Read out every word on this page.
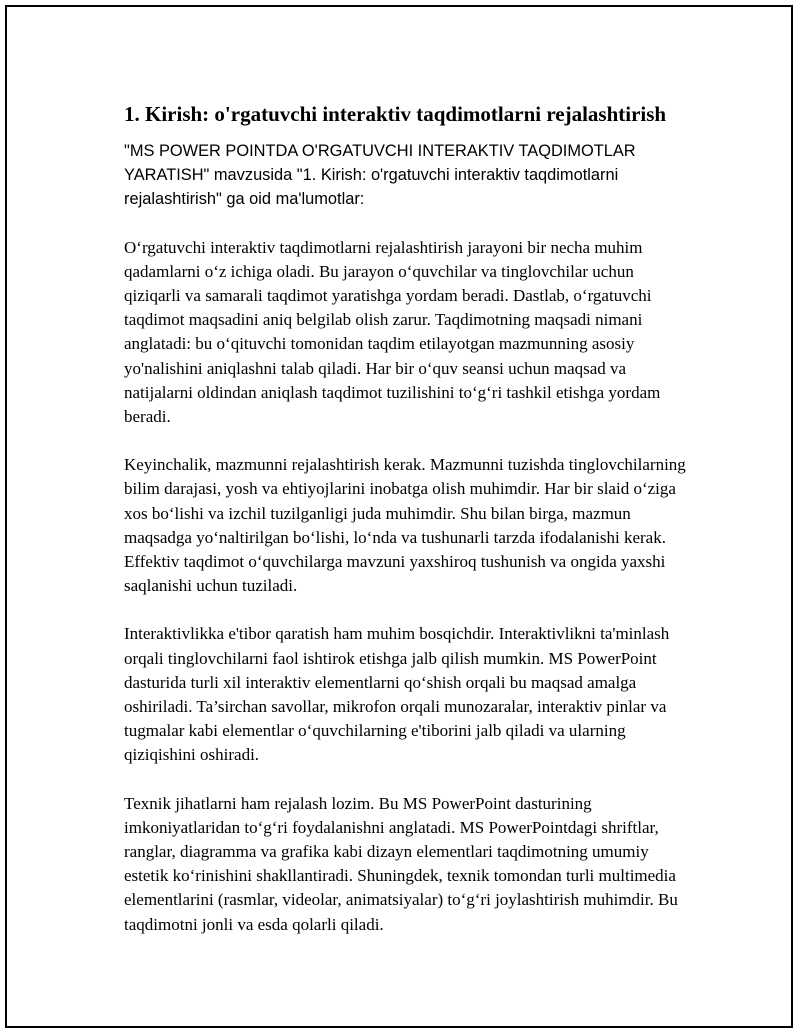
1. Kirish: o'rgatuvchi interaktiv taqdimotlarni rejalashtirish

"MS POWER POINTDA O'RGATUVCHI INTERAKTIV TAQDIMOTLAR YARATISH" mavzusida "1. Kirish: o'rgatuvchi interaktiv taqdimotlarni rejalashtirish" ga oid ma'lumotlar:

Oʻrgatuvchi interaktiv taqdimotlarni rejalashtirish jarayoni bir necha muhim qadamlarni oʻz ichiga oladi. Bu jarayon oʻquvchilar va tinglovchilar uchun qiziqarli va samarali taqdimot yaratishga yordam beradi. Dastlab, oʻrgatuvchi taqdimot maqsadini aniq belgilab olish zarur. Taqdimotning maqsadi nimani anglatadi: bu oʻqituvchi tomonidan taqdim etilayotgan mazmunning asosiy yo'nalishini aniqlashni talab qiladi. Har bir oʻquv seansi uchun maqsad va natijalarni oldindan aniqlash taqdimot tuzilishini toʻgʻri tashkil etishga yordam beradi.

Keyinchalik, mazmunni rejalashtirish kerak. Mazmunni tuzishda tinglovchilarning bilim darajasi, yosh va ehtiyojlarini inobatga olish muhimdir. Har bir slaid oʻziga xos boʻlishi va izchil tuzilganligi juda muhimdir. Shu bilan birga, mazmun maqsadga yoʻnaltirilgan boʻlishi, loʻnda va tushunarli tarzda ifodalanishi kerak. Effektiv taqdimot oʻquvchilarga mavzuni yaxshiroq tushunish va ongida yaxshi saqlanishi uchun tuziladi.

Interaktivlikka e'tibor qaratish ham muhim bosqichdir. Interaktivlikni ta'minlash orqali tinglovchilarni faol ishtirok etishga jalb qilish mumkin. MS PowerPoint dasturida turli xil interaktiv elementlarni qoʻshish orqali bu maqsad amalga oshiriladi. Ta’sirchan savollar, mikrofon orqali munozaralar, interaktiv pinlar va tugmalar kabi elementlar oʻquvchilarning e'tiborini jalb qiladi va ularning qiziqishini oshiradi.

Texnik jihatlarni ham rejalash lozim. Bu MS PowerPoint dasturining imkoniyatlaridan toʻgʻri foydalanishni anglatadi. MS PowerPointdagi shriftlar, ranglar, diagramma va grafika kabi dizayn elementlari taqdimotning umumiy estetik koʻrinishini shakllantiradi. Shuningdek, texnik tomondan turli multimedia elementlarini (rasmlar, videolar, animatsiyalar) toʻgʻri joylashtirish muhimdir. Bu taqdimotni jonli va esda qolarli qiladi.
